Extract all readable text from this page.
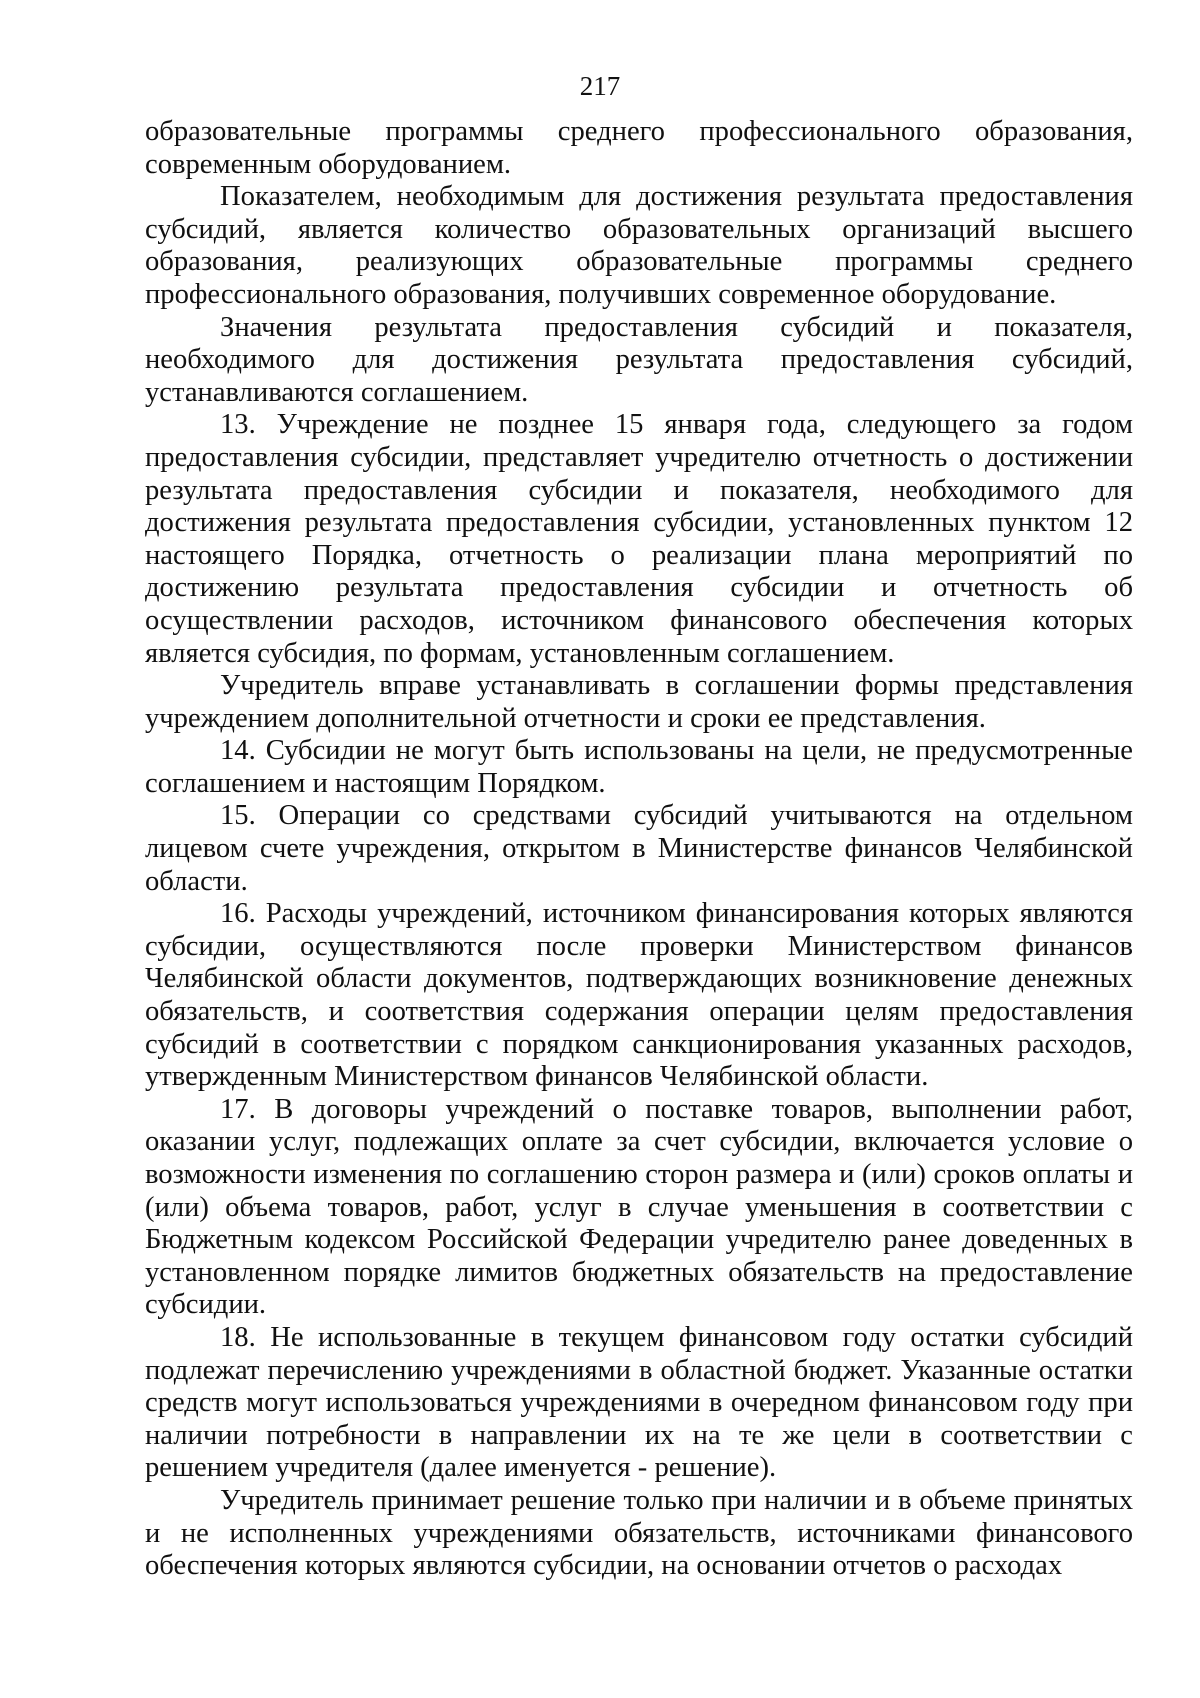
217

образовательные программы среднего профессионального образования, современным оборудованием.

Показателем, необходимым для достижения результата предоставления субсидий, является количество образовательных организаций высшего образования, реализующих образовательные программы среднего профессионального образования, получивших современное оборудование.

Значения результата предоставления субсидий и показателя, необходимого для достижения результата предоставления субсидий, устанавливаются соглашением.

13. Учреждение не позднее 15 января года, следующего за годом предоставления субсидии, представляет учредителю отчетность о достижении результата предоставления субсидии и показателя, необходимого для достижения результата предоставления субсидии, установленных пунктом 12 настоящего Порядка, отчетность о реализации плана мероприятий по достижению результата предоставления субсидии и отчетность об осуществлении расходов, источником финансового обеспечения которых является субсидия, по формам, установленным соглашением.

Учредитель вправе устанавливать в соглашении формы представления учреждением дополнительной отчетности и сроки ее представления.

14. Субсидии не могут быть использованы на цели, не предусмотренные соглашением и настоящим Порядком.

15. Операции со средствами субсидий учитываются на отдельном лицевом счете учреждения, открытом в Министерстве финансов Челябинской области.

16. Расходы учреждений, источником финансирования которых являются субсидии, осуществляются после проверки Министерством финансов Челябинской области документов, подтверждающих возникновение денежных обязательств, и соответствия содержания операции целям предоставления субсидий в соответствии с порядком санкционирования указанных расходов, утвержденным Министерством финансов Челябинской области.

17. В договоры учреждений о поставке товаров, выполнении работ, оказании услуг, подлежащих оплате за счет субсидии, включается условие о возможности изменения по соглашению сторон размера и (или) сроков оплаты и (или) объема товаров, работ, услуг в случае уменьшения в соответствии с Бюджетным кодексом Российской Федерации учредителю ранее доведенных в установленном порядке лимитов бюджетных обязательств на предоставление субсидии.

18. Не использованные в текущем финансовом году остатки субсидий подлежат перечислению учреждениями в областной бюджет. Указанные остатки средств могут использоваться учреждениями в очередном финансовом году при наличии потребности в направлении их на те же цели в соответствии с решением учредителя (далее именуется - решение).

Учредитель принимает решение только при наличии и в объеме принятых и не исполненных учреждениями обязательств, источниками финансового обеспечения которых являются субсидии, на основании отчетов о расходах
